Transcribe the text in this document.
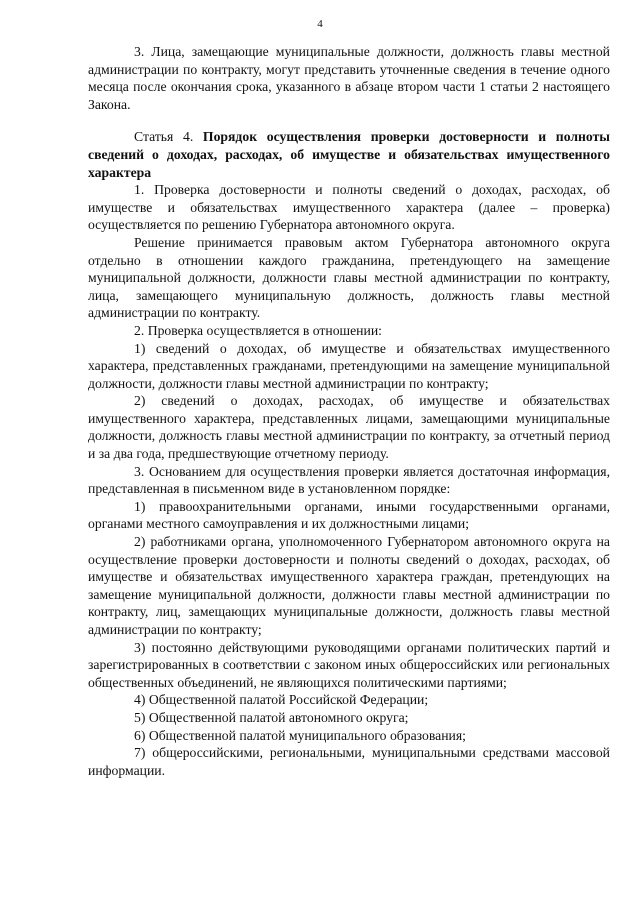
4

3. Лица, замещающие муниципальные должности, должность главы местной администрации по контракту, могут представить уточненные сведения в течение одного месяца после окончания срока, указанного в абзаце втором части 1 статьи 2 настоящего Закона.

Статья 4. Порядок осуществления проверки достоверности и полноты сведений о доходах, расходах, об имуществе и обязательствах имущественного характера

1. Проверка достоверности и полноты сведений о доходах, расходах, об имуществе и обязательствах имущественного характера (далее – проверка) осуществляется по решению Губернатора автономного округа.

Решение принимается правовым актом Губернатора автономного округа отдельно в отношении каждого гражданина, претендующего на замещение муниципальной должности, должности главы местной администрации по контракту, лица, замещающего муниципальную должность, должность главы местной администрации по контракту.

2. Проверка осуществляется в отношении:

1) сведений о доходах, об имуществе и обязательствах имущественного характера, представленных гражданами, претендующими на замещение муниципальной должности, должности главы местной администрации по контракту;

2) сведений о доходах, расходах, об имуществе и обязательствах имущественного характера, представленных лицами, замещающими муниципальные должности, должность главы местной администрации по контракту, за отчетный период и за два года, предшествующие отчетному периоду.

3. Основанием для осуществления проверки является достаточная информация, представленная в письменном виде в установленном порядке:

1) правоохранительными органами, иными государственными органами, органами местного самоуправления и их должностными лицами;

2) работниками органа, уполномоченного Губернатором автономного округа на осуществление проверки достоверности и полноты сведений о доходах, расходах, об имуществе и обязательствах имущественного характера граждан, претендующих на замещение муниципальной должности, должности главы местной администрации по контракту, лиц, замещающих муниципальные должности, должность главы местной администрации по контракту;

3) постоянно действующими руководящими органами политических партий и зарегистрированных в соответствии с законом иных общероссийских или региональных общественных объединений, не являющихся политическими партиями;

4) Общественной палатой Российской Федерации;

5) Общественной палатой автономного округа;

6) Общественной палатой муниципального образования;

7) общероссийскими, региональными, муниципальными средствами массовой информации.
